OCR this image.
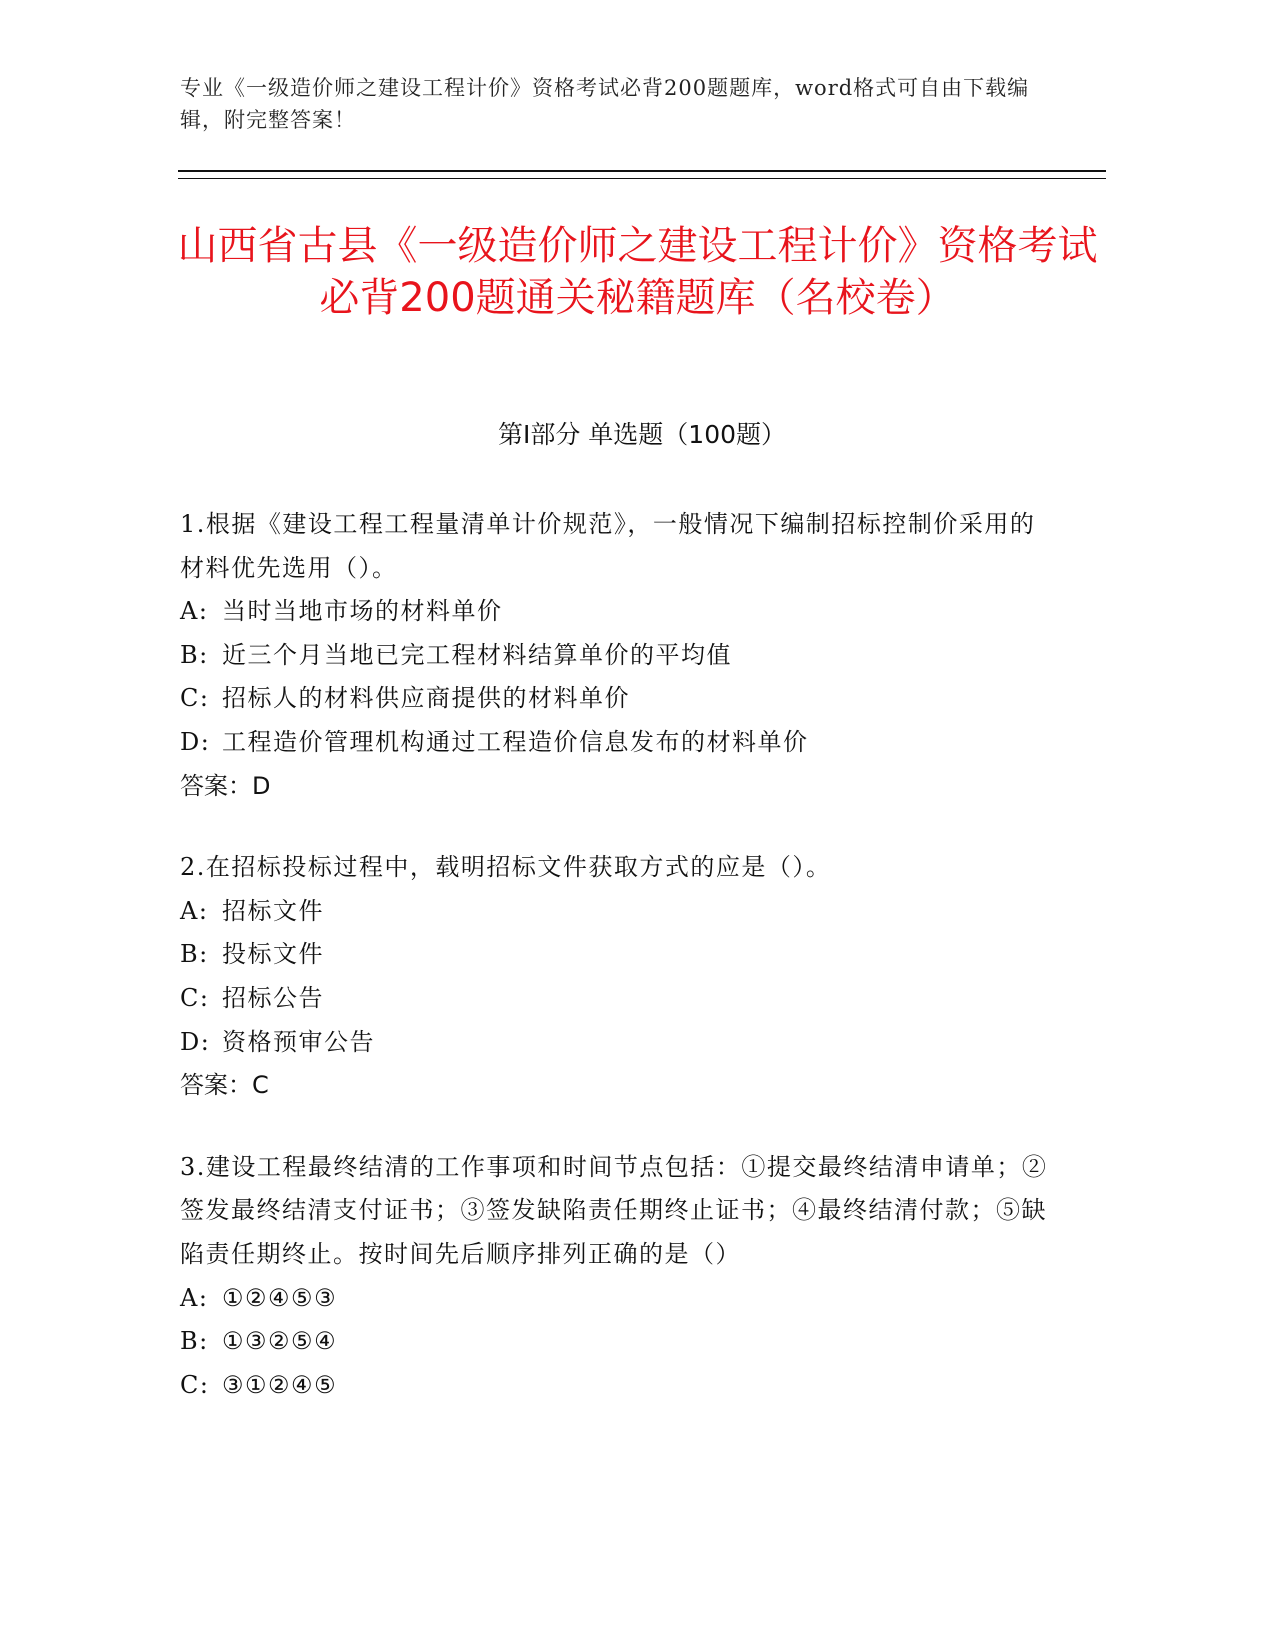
专业《一级造价师之建设工程计价》资格考试必背200题题库，word格式可自由下载编辑，附完整答案！
山西省古县《一级造价师之建设工程计价》资格考试必背200题通关秘籍题库（名校卷）
第Ⅰ部分 单选题（100题）

1.根据《建设工程工程量清单计价规范》，一般情况下编制招标控制价采用的材料优先选用（）。

A: 当时当地市场的材料单价
B: 近三个月当地已完工程材料结算单价的平均值
C: 招标人的材料供应商提供的材料单价
D: 工程造价管理机构通过工程造价信息发布的材料单价

答案：D

2.在招标投标过程中，载明招标文件获取方式的应是（）。

A: 招标文件
B: 投标文件
C: 招标公告
D: 资格预审公告

答案：C

3.建设工程最终结清的工作事项和时间节点包括：①提交最终结清申请单；②签发最终结清支付证书；③签发缺陷责任期终止证书；④最终结清付款；⑤缺陷责任期终止。按时间先后顺序排列正确的是（）

A: ①②④⑤③
B: ①③②⑤④
C: ③①②④⑤
